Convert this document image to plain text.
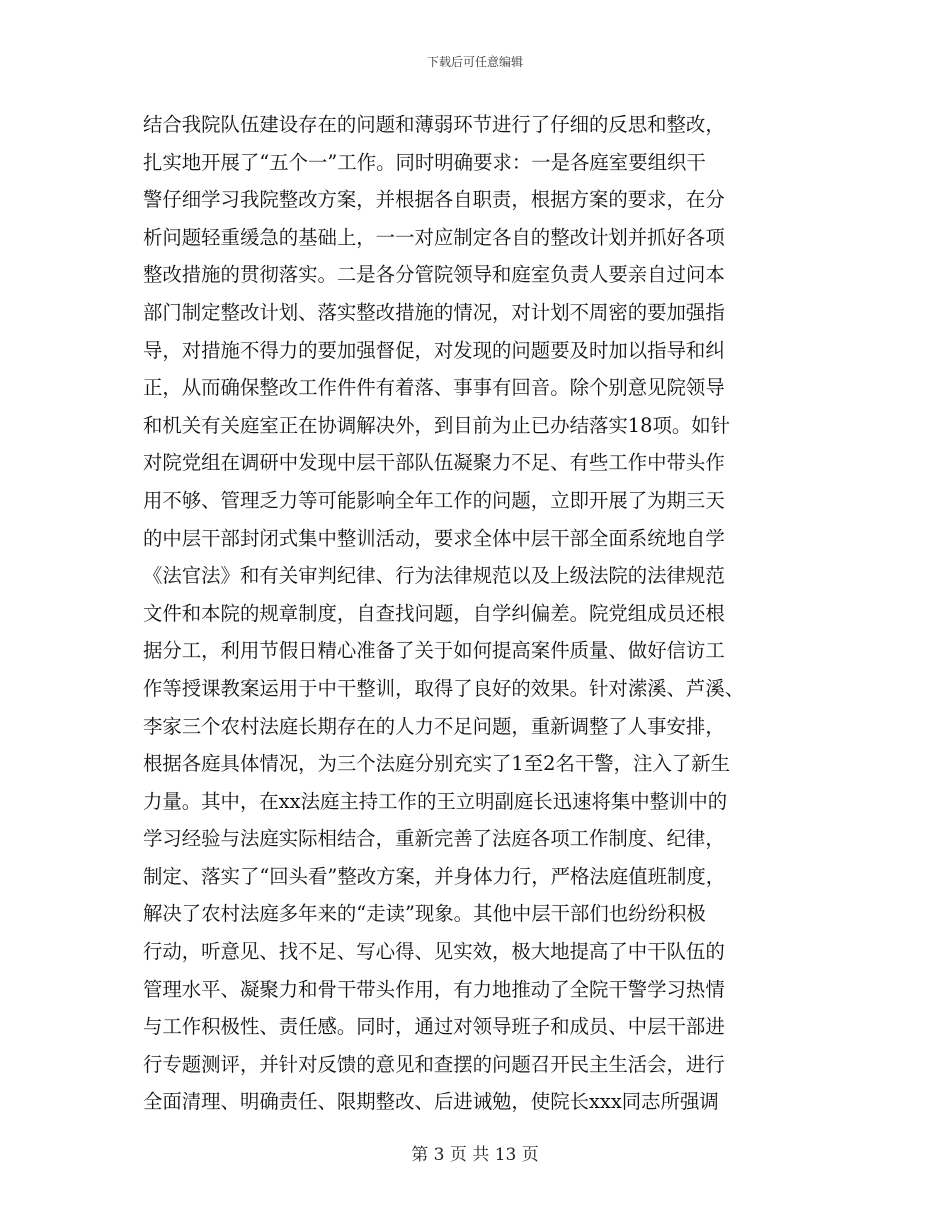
下载后可任意编辑
结合我院队伍建设存在的问题和薄弱环节进行了仔细的反思和整改，
扎实地开展了“五个一”工作。同时明确要求：一是各庭室要组织干
警仔细学习我院整改方案，并根据各自职责，根据方案的要求，在分
析问题轻重缓急的基础上，一一对应制定各自的整改计划并抓好各项
整改措施的贯彻落实。二是各分管院领导和庭室负责人要亲自过问本
部门制定整改计划、落实整改措施的情况，对计划不周密的要加强指
导，对措施不得力的要加强督促，对发现的问题要及时加以指导和纠
正，从而确保整改工作件件有着落、事事有回音。除个别意见院领导
和机关有关庭室正在协调解决外，到目前为止已办结落实18项。如针
对院党组在调研中发现中层干部队伍凝聚力不足、有些工作中带头作
用不够、管理乏力等可能影响全年工作的问题，立即开展了为期三天
的中层干部封闭式集中整训活动，要求全体中层干部全面系统地自学
《法官法》和有关审判纪律、行为法律规范以及上级法院的法律规范
文件和本院的规章制度，自查找问题，自学纠偏差。院党组成员还根
据分工，利用节假日精心准备了关于如何提高案件质量、做好信访工
作等授课教案运用于中干整训，取得了良好的效果。针对潆溪、芦溪、
李家三个农村法庭长期存在的人力不足问题，重新调整了人事安排，
根据各庭具体情况，为三个法庭分别充实了1至2名干警，注入了新生
力量。其中，在xx法庭主持工作的王立明副庭长迅速将集中整训中的
学习经验与法庭实际相结合，重新完善了法庭各项工作制度、纪律，
制定、落实了“回头看”整改方案，并身体力行，严格法庭值班制度，
解决了农村法庭多年来的“走读”现象。其他中层干部们也纷纷积极
行动，听意见、找不足、写心得、见实效，极大地提高了中干队伍的
管理水平、凝聚力和骨干带头作用，有力地推动了全院干警学习热情
与工作积极性、责任感。同时，通过对领导班子和成员、中层干部进
行专题测评，并针对反馈的意见和查摆的问题召开民主生活会，进行
全面清理、明确责任、限期整改、后进诫勉，使院长xxx同志所强调
第 3 页 共 13 页
